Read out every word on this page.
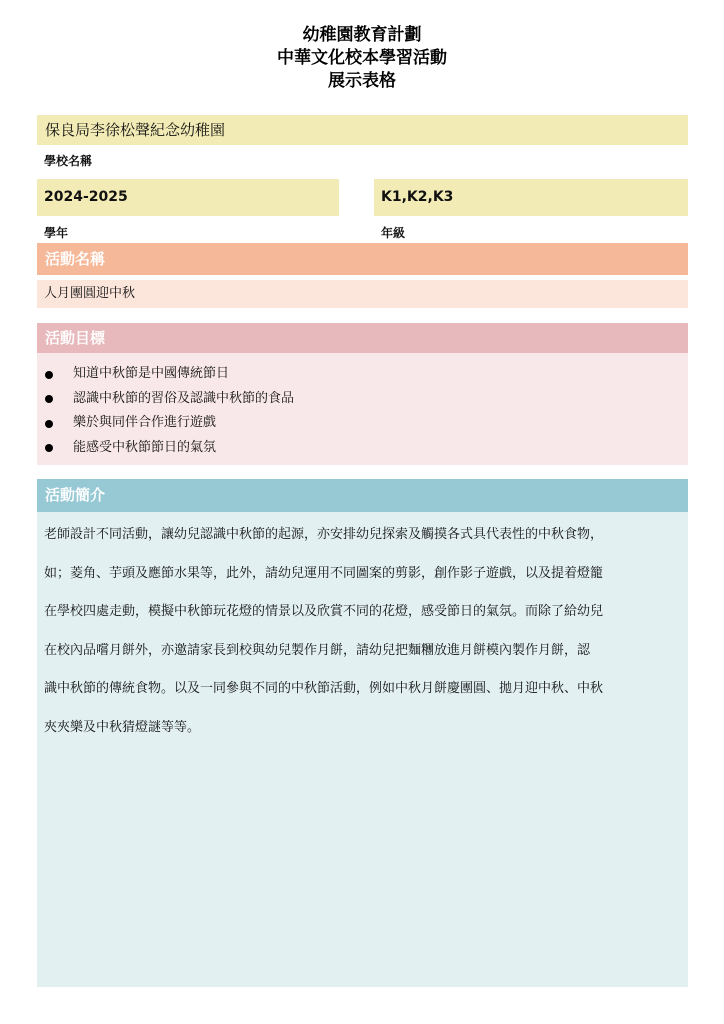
幼稚園教育計劃
中華文化校本學習活動
展示表格
保良局李徐松聲紀念幼稚園
學校名稱
2024-2025
學年
K1,K2,K3
年級
活動名稱
人月團圓迎中秋
活動目標
知道中秋節是中國傳統節日
認識中秋節的習俗及認識中秋節的食品
樂於與同伴合作進行遊戲
能感受中秋節節日的氣氛
活動簡介
老師設計不同活動，讓幼兒認識中秋節的起源，亦安排幼兒探索及觸摸各式具代表性的中秋食物，
如；菱角、芋頭及應節水果等，此外，請幼兒運用不同圖案的剪影，創作影子遊戲，以及提着燈籠
在學校四處走動，模擬中秋節玩花燈的情景以及欣賞不同的花燈，感受節日的氣氛。而除了給幼兒
在校內品嚐月餅外，亦邀請家長到校與幼兒製作月餅，請幼兒把麵糰放進月餅模內製作月餅，認
識中秋節的傳統食物。以及一同參與不同的中秋節活動，例如中秋月餅慶團圓、拋月迎中秋、中秋
夾夾樂及中秋猜燈謎等等。
